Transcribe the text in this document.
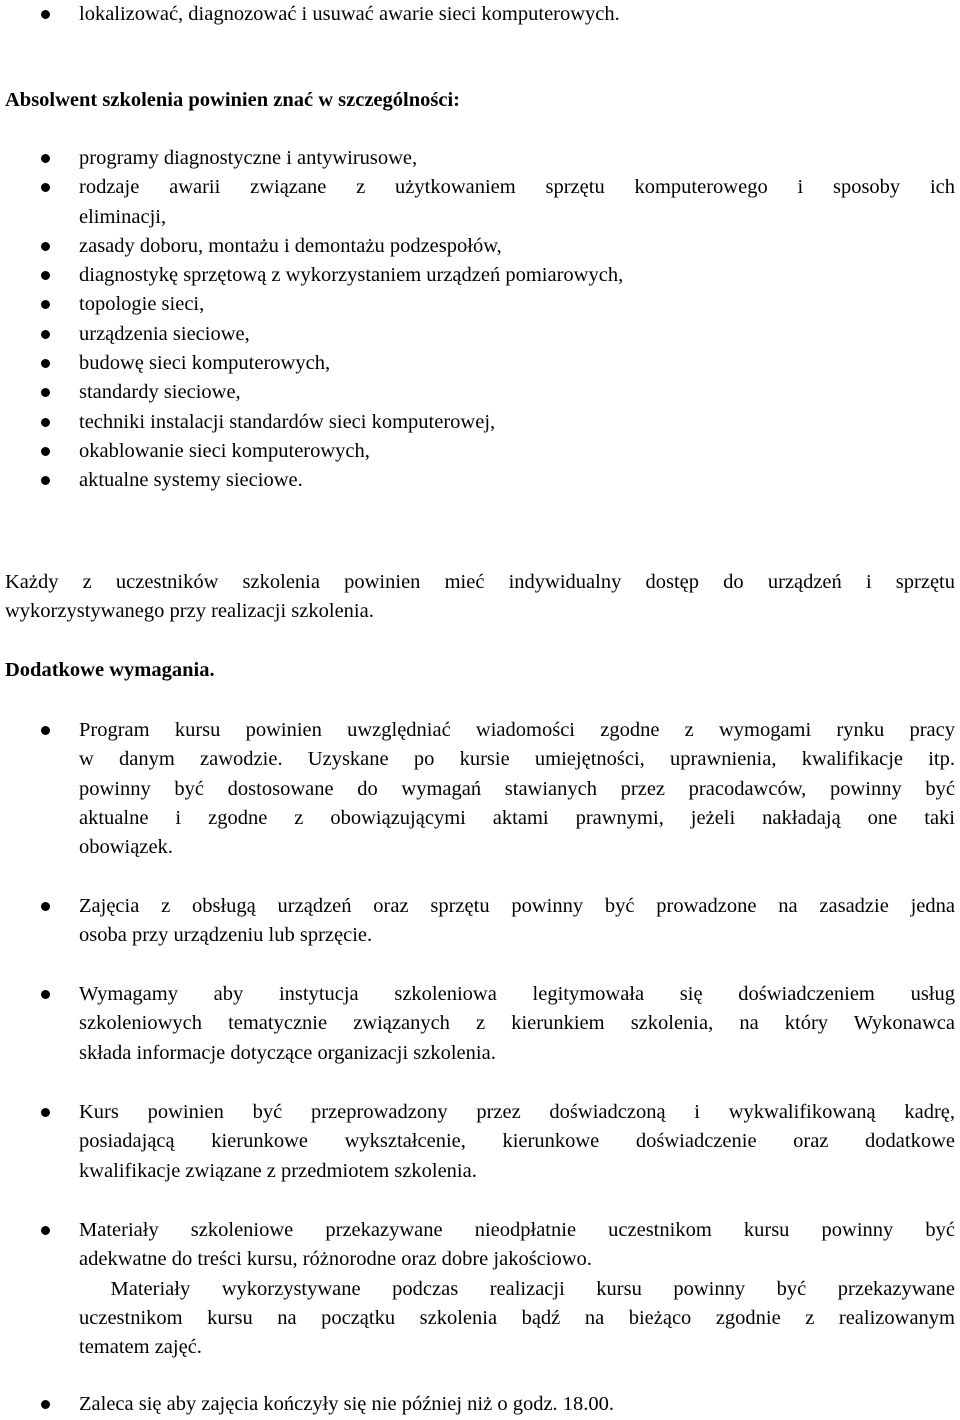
lokalizować, diagnozować i usuwać awarie sieci komputerowych.
Absolwent szkolenia powinien znać w szczególności:
programy diagnostyczne i antywirusowe,
rodzaje awarii związane z użytkowaniem sprzętu komputerowego i sposoby ich
eliminacji,
zasady doboru, montażu i demontażu podzespołów,
diagnostykę sprzętową z wykorzystaniem urządzeń pomiarowych,
topologie sieci,
urządzenia sieciowe,
budowę sieci komputerowych,
standardy sieciowe,
techniki instalacji standardów sieci komputerowej,
okablowanie sieci komputerowych,
aktualne systemy sieciowe.
Każdy z uczestników szkolenia powinien mieć indywidualny dostęp do urządzeń i sprzętu
wykorzystywanego przy realizacji szkolenia.
Dodatkowe wymagania.
Program kursu powinien uwzględniać wiadomości zgodne z wymogami rynku pracy
w danym zawodzie. Uzyskane po kursie umiejętności, uprawnienia, kwalifikacje itp.
powinny być dostosowane do wymagań stawianych przez pracodawców, powinny być
aktualne i zgodne z obowiązującymi aktami prawnymi, jeżeli nakładają one taki
obowiązek.
Zajęcia z obsługą urządzeń oraz sprzętu powinny być prowadzone na zasadzie jedna
osoba przy urządzeniu lub sprzęcie.
Wymagamy aby instytucja szkoleniowa legitymowała się doświadczeniem usług
szkoleniowych tematycznie związanych z kierunkiem szkolenia, na który Wykonawca
składa informacje dotyczące organizacji szkolenia.
Kurs powinien być przeprowadzony przez doświadczoną i wykwalifikowaną kadrę,
posiadającą kierunkowe wykształcenie, kierunkowe doświadczenie oraz dodatkowe
kwalifikacje związane z przedmiotem szkolenia.
Materiały szkoleniowe przekazywane nieodpłatnie uczestnikom kursu powinny być
adekwatne do treści kursu, różnorodne oraz dobre jakościowo.
Materiały wykorzystywane podczas realizacji kursu powinny być przekazywane
uczestnikom kursu na początku szkolenia bądź na bieżąco zgodnie z realizowanym
tematem zajęć.
Zaleca się aby zajęcia kończyły się nie później niż o godz. 18.00.
